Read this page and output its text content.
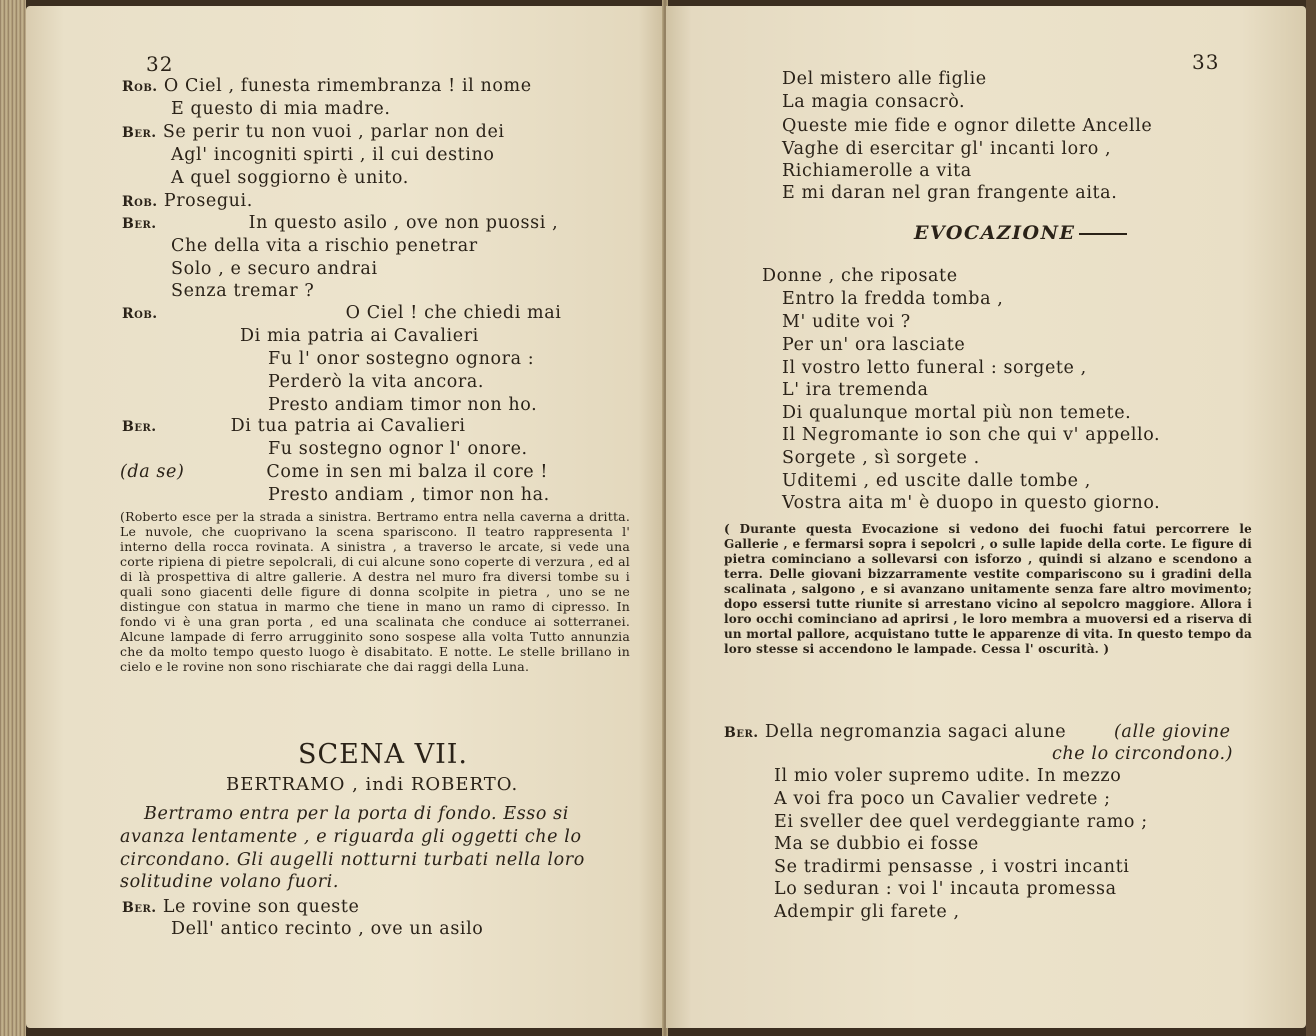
32
Rob. O Ciel , funesta rimembranza ! il nome
E questo di mia madre.
Ber. Se perir tu non vuoi , parlar non dei
Agl' incogniti spirti , il cui destino
A quel soggiorno è unito.
Rob. Prosegui.
Ber.	In questo asilo , ove non puossi ,
Che della vita a rischio penetrar
Solo , e securo andrai
Senza tremar ?
Rob.	O Ciel ! che chiedi mai
Di mia patria ai Cavalieri
Fu l' onor sostegno ognora :
Perderò la vita ancora.
Presto andiam timor non ho.
Ber.	Di tua patria ai Cavalieri
Fu sostegno ognor l' onore.
(da se)	Come in sen mi balza il core !
Presto andiam , timor non ha.

(Roberto esce per la strada a sinistra. Bertramo entra nella caverna a dritta. Le nuvole, che cuoprivano la scena spariscono. Il teatro rappresenta l' interno della rocca rovinata. A sinistra , a traverso le arcate, si vede una corte ripiena di pietre sepolcrali, di cui alcune sono coperte di verzura , ed al di là prospettiva di altre gallerie. A destra nel muro fra diversi tombe su i quali sono giacenti delle figure di donna scolpite in pietra , uno se ne distingue con statua in marmo che tiene in mano un ramo di cipresso. In fondo vi è una gran porta , ed una scalinata che conduce ai sotterranei. Alcune lampade di ferro arrugginito sono sospese alla volta Tutto annunzia che da molto tempo questo luogo è disabitato. E notte. Le stelle brillano in cielo e le rovine non sono rischiarate che dai raggi della Luna.

SCENA VII.
BERTRAMO , indi ROBERTO.
Bertramo entra per la porta di fondo. Esso si
avanza lentamente , e riguarda gli oggetti che lo
circondano. Gli augelli notturni turbati nella loro
solitudine volano fuori.
Ber. Le rovine son queste
Dell' antico recinto , ove un asilo
33
Del mistero alle figlie
La magia consacrò.
Queste mie fide e ognor dilette Ancelle
Vaghe di esercitar gl' incanti loro ,
Richiamerolle a vita
E mi daran nel gran frangente aita.
EVOCAZIONE
Donne , che riposate
Entro la fredda tomba ,
M' udite voi ?
Per un' ora lasciate
Il vostro letto funeral : sorgete ,
L' ira tremenda
Di qualunque mortal più non temete.
Il Negromante io son che qui v' appello.
Sorgete , sì sorgete .
Uditemi , ed uscite dalle tombe ,
Vostra aita m' è duopo in questo giorno.

( Durante questa Evocazione si vedono dei fuochi fatui percorrere le Gallerie , e fermarsi sopra i sepolcri , o sulle lapide della corte. Le figure di pietra cominciano a sollevarsi con isforzo , quindi si alzano e scendono a terra. Delle giovani bizzarramente vestite compariscono su i gradini della scalinata , salgono , e si avanzano unitamente senza fare altro movimento; dopo essersi tutte riunite si arrestano vicino al sepolcro maggiore. Allora i loro occhi cominciano ad aprirsi , le loro membra a muoversi ed a riserva di un mortal pallore, acquistano tutte le apparenze di vita. In questo tempo da loro stesse si accendono le lampade. Cessa l' oscurità. )

Ber. Della negromanzia sagaci alune	(alle giovine
che lo circondono.)
Il mio voler supremo udite. In mezzo
A voi fra poco un Cavalier vedrete ;
Ei sveller dee quel verdeggiante ramo ;
Ma se dubbio ei fosse
Se tradirmi pensasse , i vostri incanti
Lo seduran : voi l' incauta promessa
Adempir gli farete ,
